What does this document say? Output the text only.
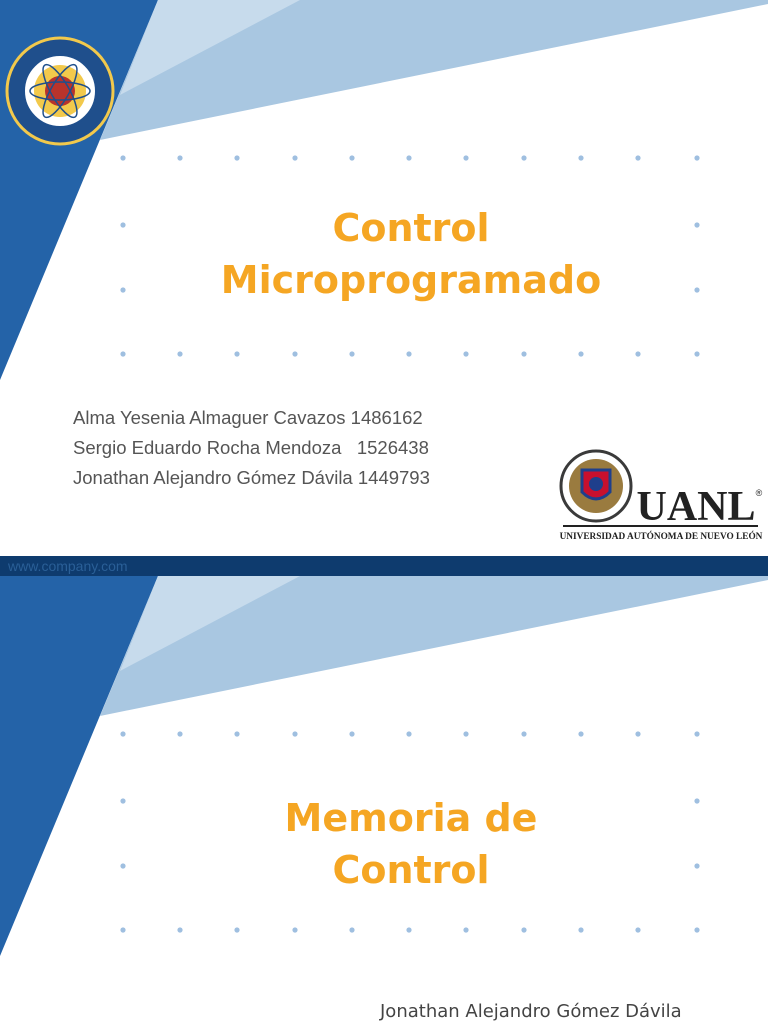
Control
Microprogramado
Alma Yesenia Almaguer Cavazos 1486162
Sergio Eduardo Rocha Mendoza   1526438
Jonathan Alejandro Gómez Dávila 1449793
UANL ®
UNIVERSIDAD AUTÓNOMA DE NUEVO LEÓN
www.company.com
Memoria de
Control
Jonathan Alejandro Gómez Dávila
